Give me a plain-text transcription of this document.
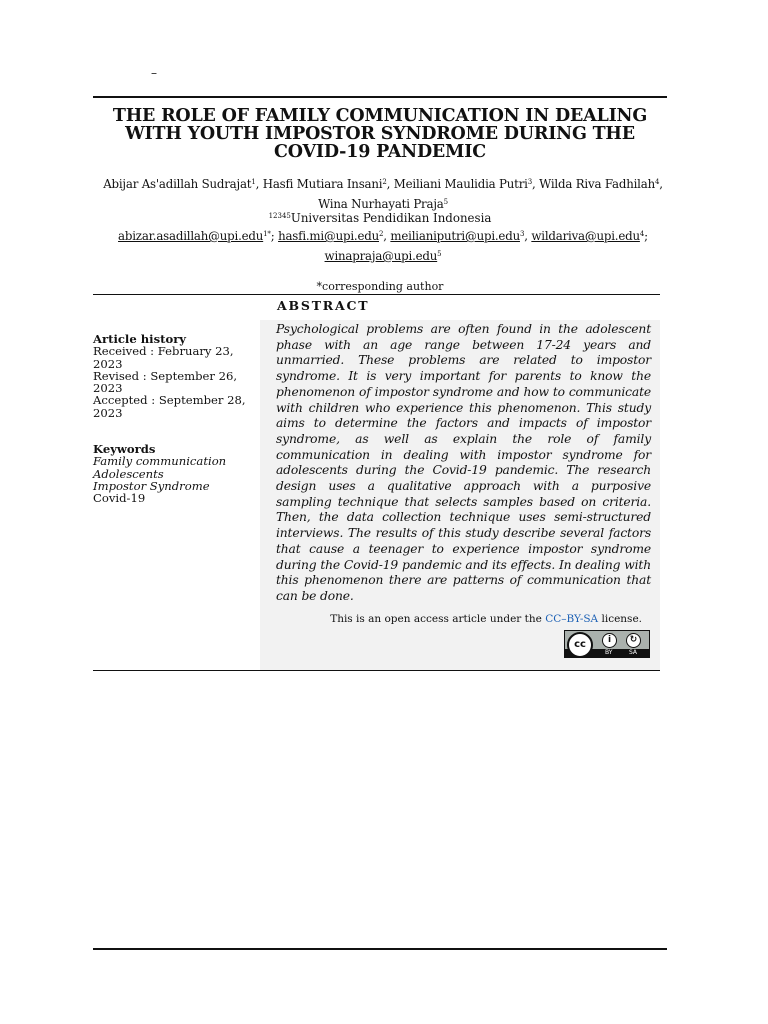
–
THE ROLE OF FAMILY COMMUNICATION IN DEALING WITH YOUTH IMPOSTOR SYNDROME DURING THE COVID-19 PANDEMIC
Abijar As'adillah Sudrajat$^1$, Hasfi Mutiara Insani$^2$, Meiliani Maulidia Putri$^3$, Wilda Riva Fadhilah$^4$,
Wina Nurhayati Praja$^5$
$^{12345}$Universitas Pendidikan Indonesia
abizar.asadillah@upi.edu$^{1*}$; hasfi.mi@upi.edu$^2$, meilianiputri@upi.edu$^3$, wildariva@upi.edu$^4$;
winapraja@upi.edu$^5$
*corresponding author
ABSTRACT
Article history
Received : February 23, 2023
Revised : September 26, 2023
Accepted : September 28, 2023
Keywords
Family communication
Adolescents
Impostor Syndrome
Covid-19
Psychological problems are often found in the adolescent phase with an age range between 17-24 years and unmarried. These problems are related to impostor syndrome. It is very important for parents to know the phenomenon of impostor syndrome and how to communicate with children who experience this phenomenon. This study aims to determine the factors and impacts of impostor syndrome, as well as explain the role of family communication in dealing with impostor syndrome for adolescents during the Covid-19 pandemic. The research design uses a qualitative approach with a purposive sampling technique that selects samples based on criteria. Then, the data collection technique uses semi-structured interviews. The results of this study describe several factors that cause a teenager to experience impostor syndrome during the Covid-19 pandemic and its effects. In dealing with this phenomenon there are patterns of communication that can be done.
This is an open access article under the CC–BY-SA license.
cc	i	↻
BY	SA
